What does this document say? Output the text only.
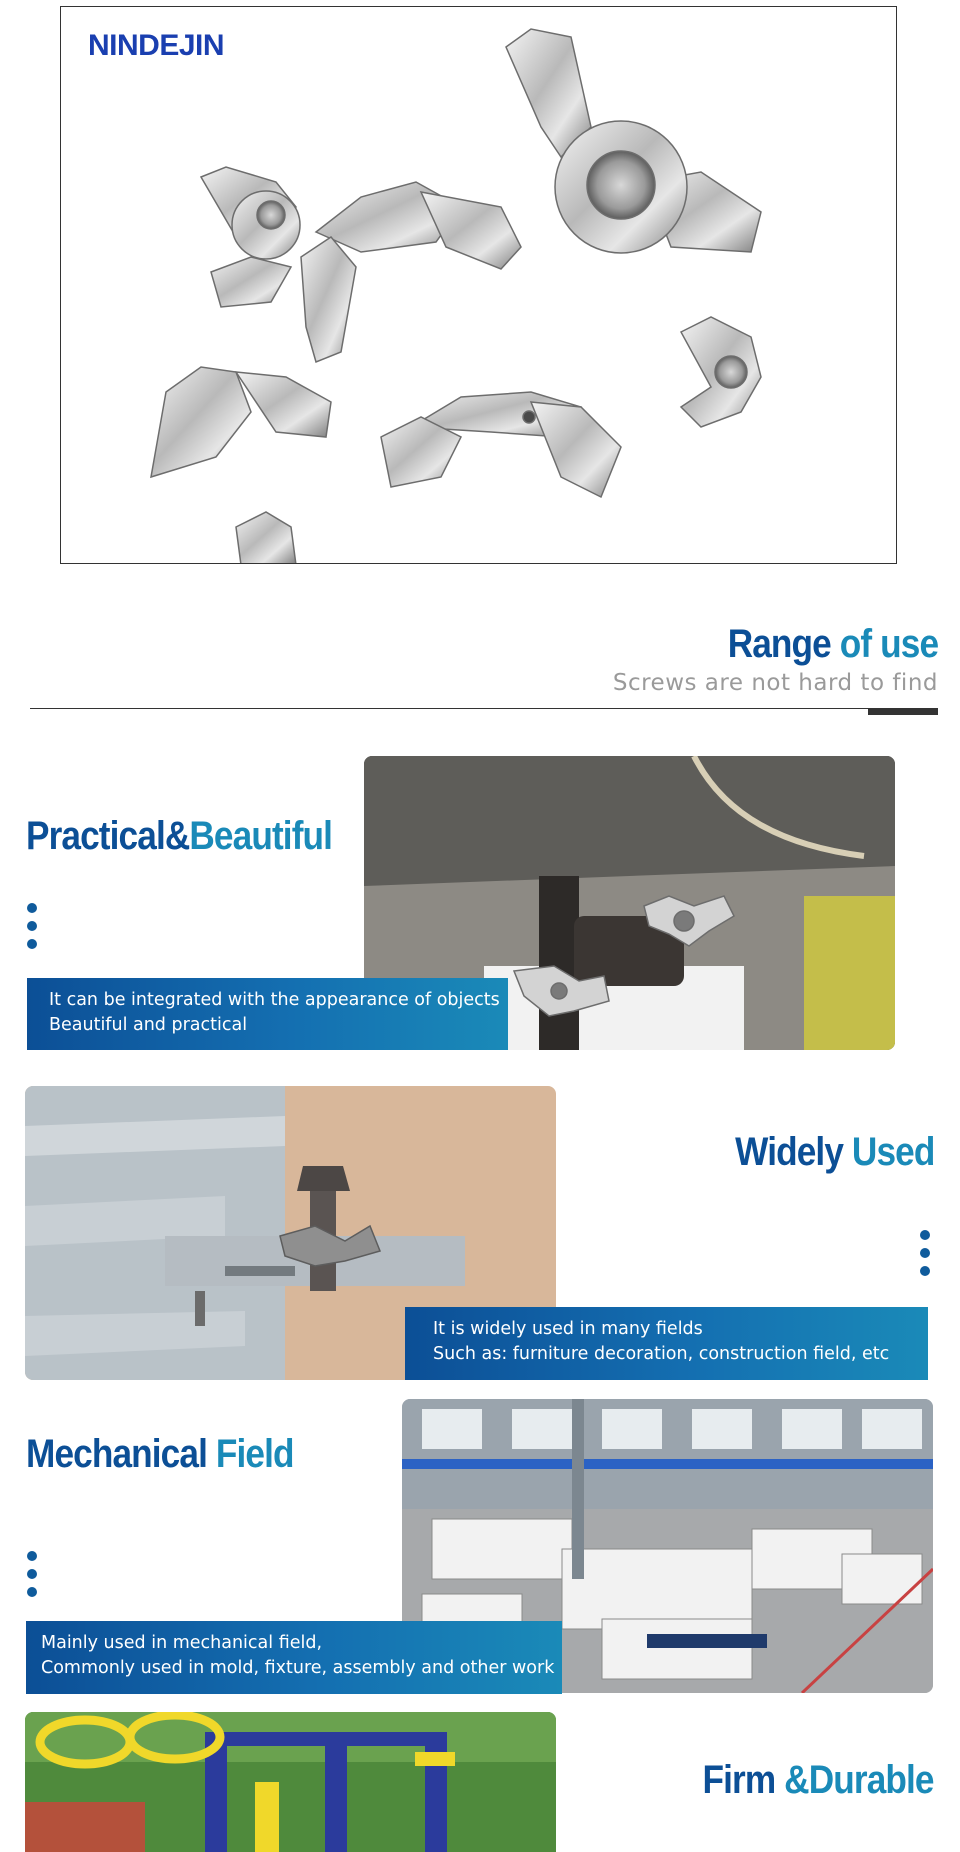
NINDEJIN
Range of use
Screws are not hard to find
Practical&Beautiful
It can be integrated with the appearance of objects
Beautiful and practical
Widely Used
It is widely used in many fields
Such as: furniture decoration, construction field, etc
Mechanical Field
Mainly used in mechanical field,
Commonly used in mold, fixture, assembly and other work
Firm &Durable
